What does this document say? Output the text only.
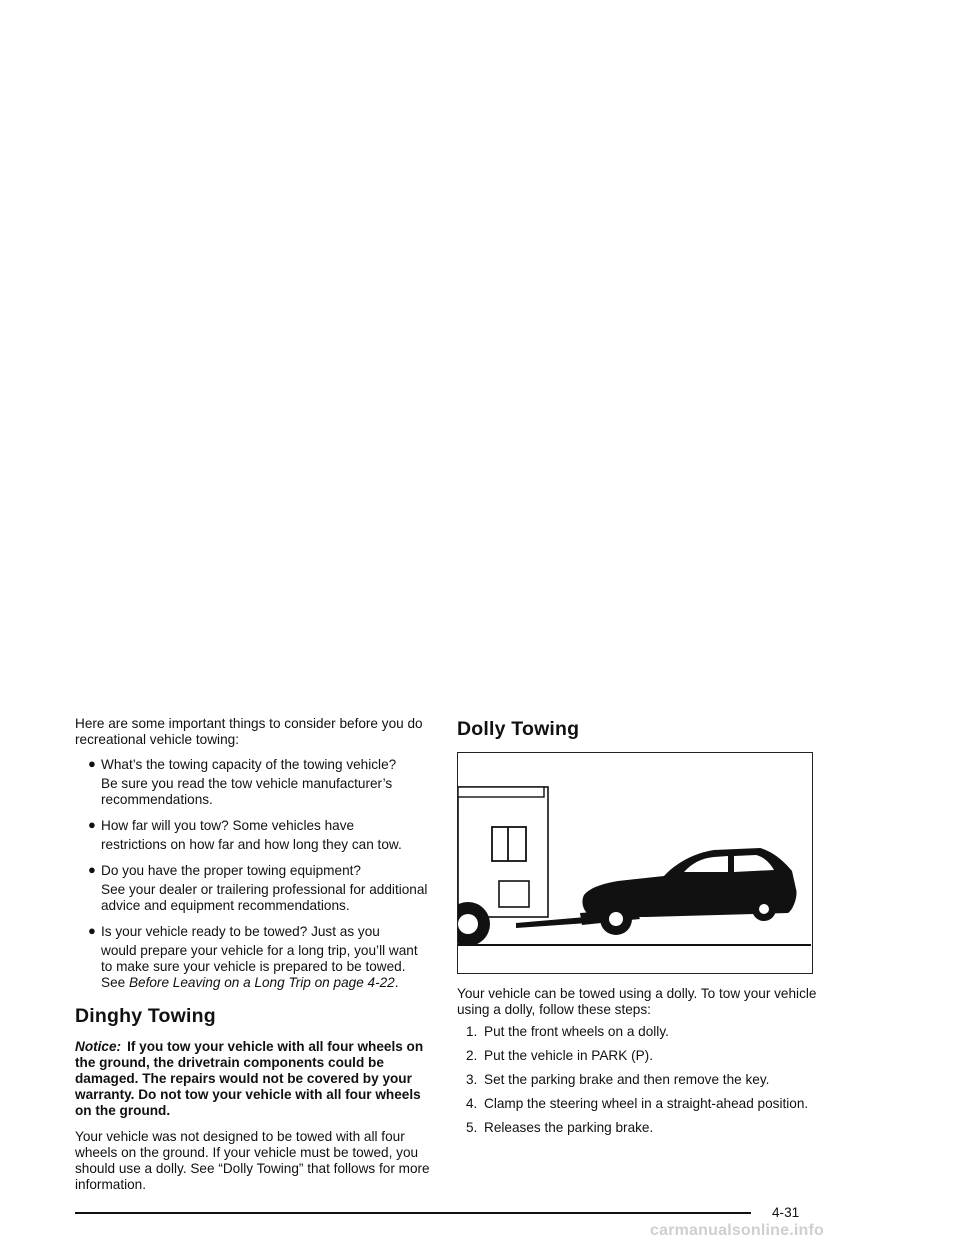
Here are some important things to consider before you do recreational vehicle towing:

● What’s the towing capacity of the towing vehicle?
Be sure you read the tow vehicle manufacturer’s recommendations.
● How far will you tow? Some vehicles have
restrictions on how far and how long they can tow.
● Do you have the proper towing equipment?
See your dealer or trailering professional for additional advice and equipment recommendations.
● Is your vehicle ready to be towed? Just as you
would prepare your vehicle for a long trip, you’ll want to make sure your vehicle is prepared to be towed. See Before Leaving on a Long Trip on page 4-22.
Dinghy Towing

Notice: If you tow your vehicle with all four wheels on the ground, the drivetrain components could be damaged. The repairs would not be covered by your warranty. Do not tow your vehicle with all four wheels on the ground.

Your vehicle was not designed to be towed with all four wheels on the ground. If your vehicle must be towed, you should use a dolly. See “Dolly Towing” that follows for more information.

Dolly Towing

Your vehicle can be towed using a dolly. To tow your vehicle using a dolly, follow these steps:

1. Put the front wheels on a dolly.
2. Put the vehicle in PARK (P).
3. Set the parking brake and then remove the key.
4. Clamp the steering wheel in a straight-ahead position.
5. Releases the parking brake.
4-31
carmanualsonline.info
